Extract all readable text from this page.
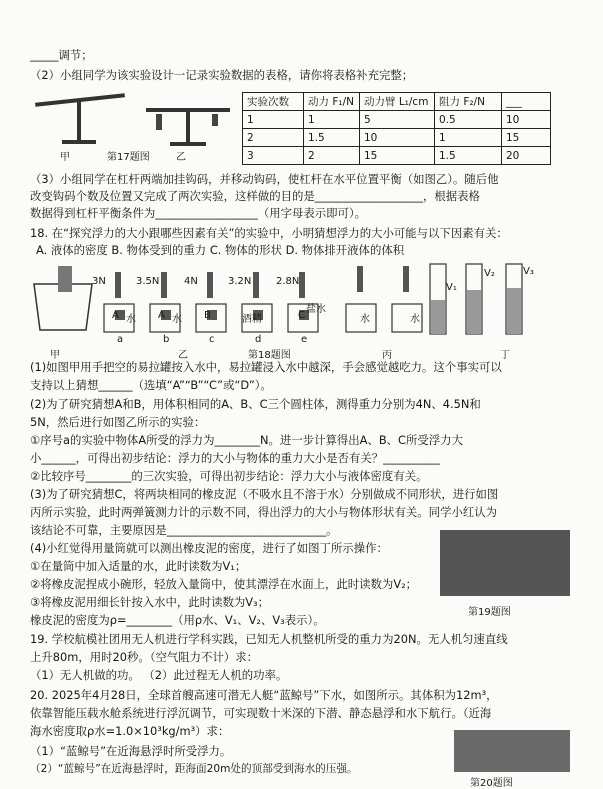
_____调节；
（2）小组同学为该实验设计一记录实验数据的表格，请你将表格补充完整；
甲	第17题图	乙
实验次数	动力 F₁/N	动力臂 L₁/cm	阻力 F₂/N	___
1	1	5	0.5	10
2	1.5	10	1	15
3	2	15	1.5	20
（3）小组同学在杠杆两端加挂钩码，并移动钩码，使杠杆在水平位置平衡（如图乙）。随后他
改变钩码个数及位置又完成了两次实验，这样做的目的是___________________，根据表格
数据得到杠杆平衡条件为__________________（用字母表示即可）。
18. 在“探究浮力的大小跟哪些因素有关”的实验中，小明猜想浮力的大小可能与以下因素有关：
A. 液体的密度 B. 物体受到的重力 C. 物体的形状 D. 物体排开液体的体积
3N	3.5N 4N	3.2N 2.8N
水	水	酒精
盐水
水	水
A	A	B	C
V₁
V₂	V₃
a	b	c	d	e
甲	乙	第18题图	丙	丁
(1)如图甲用手把空的易拉罐按入水中，易拉罐浸入水中越深，手会感觉越吃力。这个事实可以
支持以上猜想______（选填“A”“B”“C”或“D”）。
(2)为了研究猜想A和B，用体积相同的A、B、C三个圆柱体，测得重力分别为4N、4.5N和
5N，然后进行如图乙所示的实验：
①序号a的实验中物体A所受的浮力为________N。进一步计算得出A、B、C所受浮力大
小______，可得出初步结论：浮力的大小与物体的重力大小是否有关？__________
②比较序号________的三次实验，可得出初步结论：浮力大小与液体密度有关。
(3)为了研究猜想C，将两块相同的橡皮泥（不吸水且不溶于水）分别做成不同形状，进行如图
丙所示实验，此时两弹簧测力计的示数不同，得出浮力的大小与物体形状有关。同学小红认为
该结论不可靠，主要原因是____________________________。
(4)小红觉得用量筒就可以测出橡皮泥的密度，进行了如图丁所示操作：
①在量筒中加入适量的水，此时读数为V₁；
②将橡皮泥捏成小碗形，轻放入量筒中，使其漂浮在水面上，此时读数为V₂；
③将橡皮泥用细长针按入水中，此时读数为V₃；
橡皮泥的密度为ρ=________（用ρ水、V₁、V₂、V₃表示）。
第19题图
19. 学校航模社团用无人机进行学科实践，已知无人机整机所受的重力为20N。无人机匀速直线
上升80m，用时20秒。（空气阻力不计）求：
（1）无人机做的功。 （2）此过程无人机的功率。
20. 2025年4月28日，全球首艘高速可潜无人艇“蓝鲸号”下水，如图所示。其体积为12m³，
依靠智能压载水舱系统进行浮沉调节，可实现数十米深的下潜、静态悬浮和水下航行。（近海
海水密度取ρ水=1.0×10³kg/m³）求：
（1）“蓝鲸号”在近海悬浮时所受浮力。
（2）“蓝鲸号”在近海悬浮时，距海面20m处的顶部受到海水的压强。
第20题图
